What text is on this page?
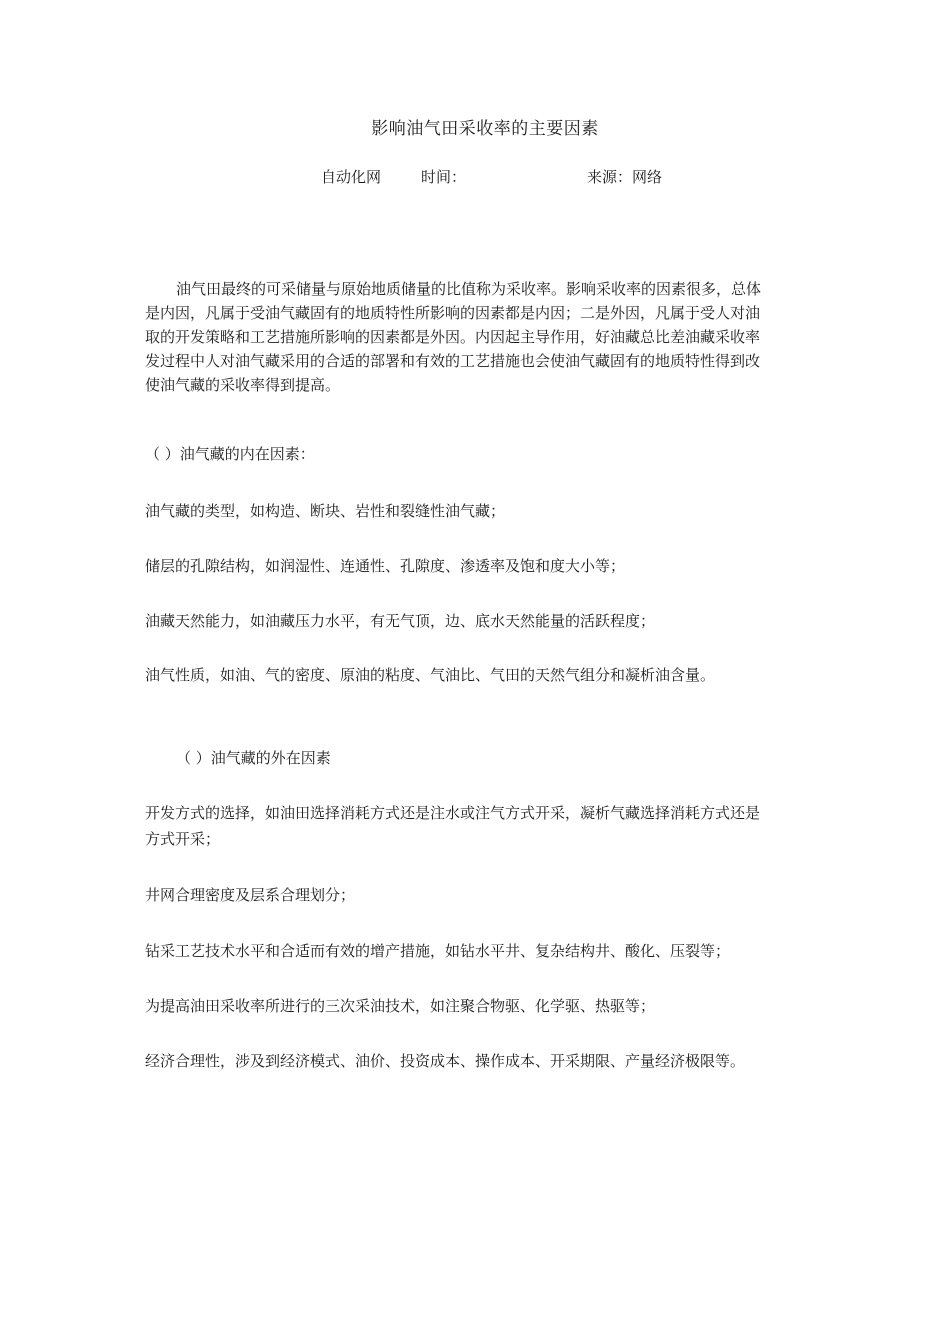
影响油气田采收率的主要因素
自动化网	时间：	来源：网络
油气田最终的可采储量与原始地质储量的比值称为采收率。影响采收率的因素很多，总体
是内因，凡属于受油气藏固有的地质特性所影响的因素都是内因；二是外因，凡属于受人对油
取的开发策略和工艺措施所影响的因素都是外因。内因起主导作用，好油藏总比差油藏采收率
发过程中人对油气藏采用的合适的部署和有效的工艺措施也会使油气藏固有的地质特性得到改
使油气藏的采收率得到提高。
（ ）油气藏的内在因素：
油气藏的类型，如构造、断块、岩性和裂缝性油气藏；
储层的孔隙结构，如润湿性、连通性、孔隙度、渗透率及饱和度大小等；
油藏天然能力，如油藏压力水平，有无气顶，边、底水天然能量的活跃程度；
油气性质，如油、气的密度、原油的粘度、气油比、气田的天然气组分和凝析油含量。
（ ）油气藏的外在因素
开发方式的选择，如油田选择消耗方式还是注水或注气方式开采，凝析气藏选择消耗方式还是
方式开采；
井网合理密度及层系合理划分；
钻采工艺技术水平和合适而有效的增产措施，如钻水平井、复杂结构井、酸化、压裂等；
为提高油田采收率所进行的三次采油技术，如注聚合物驱、化学驱、热驱等；
经济合理性，涉及到经济模式、油价、投资成本、操作成本、开采期限、产量经济极限等。
